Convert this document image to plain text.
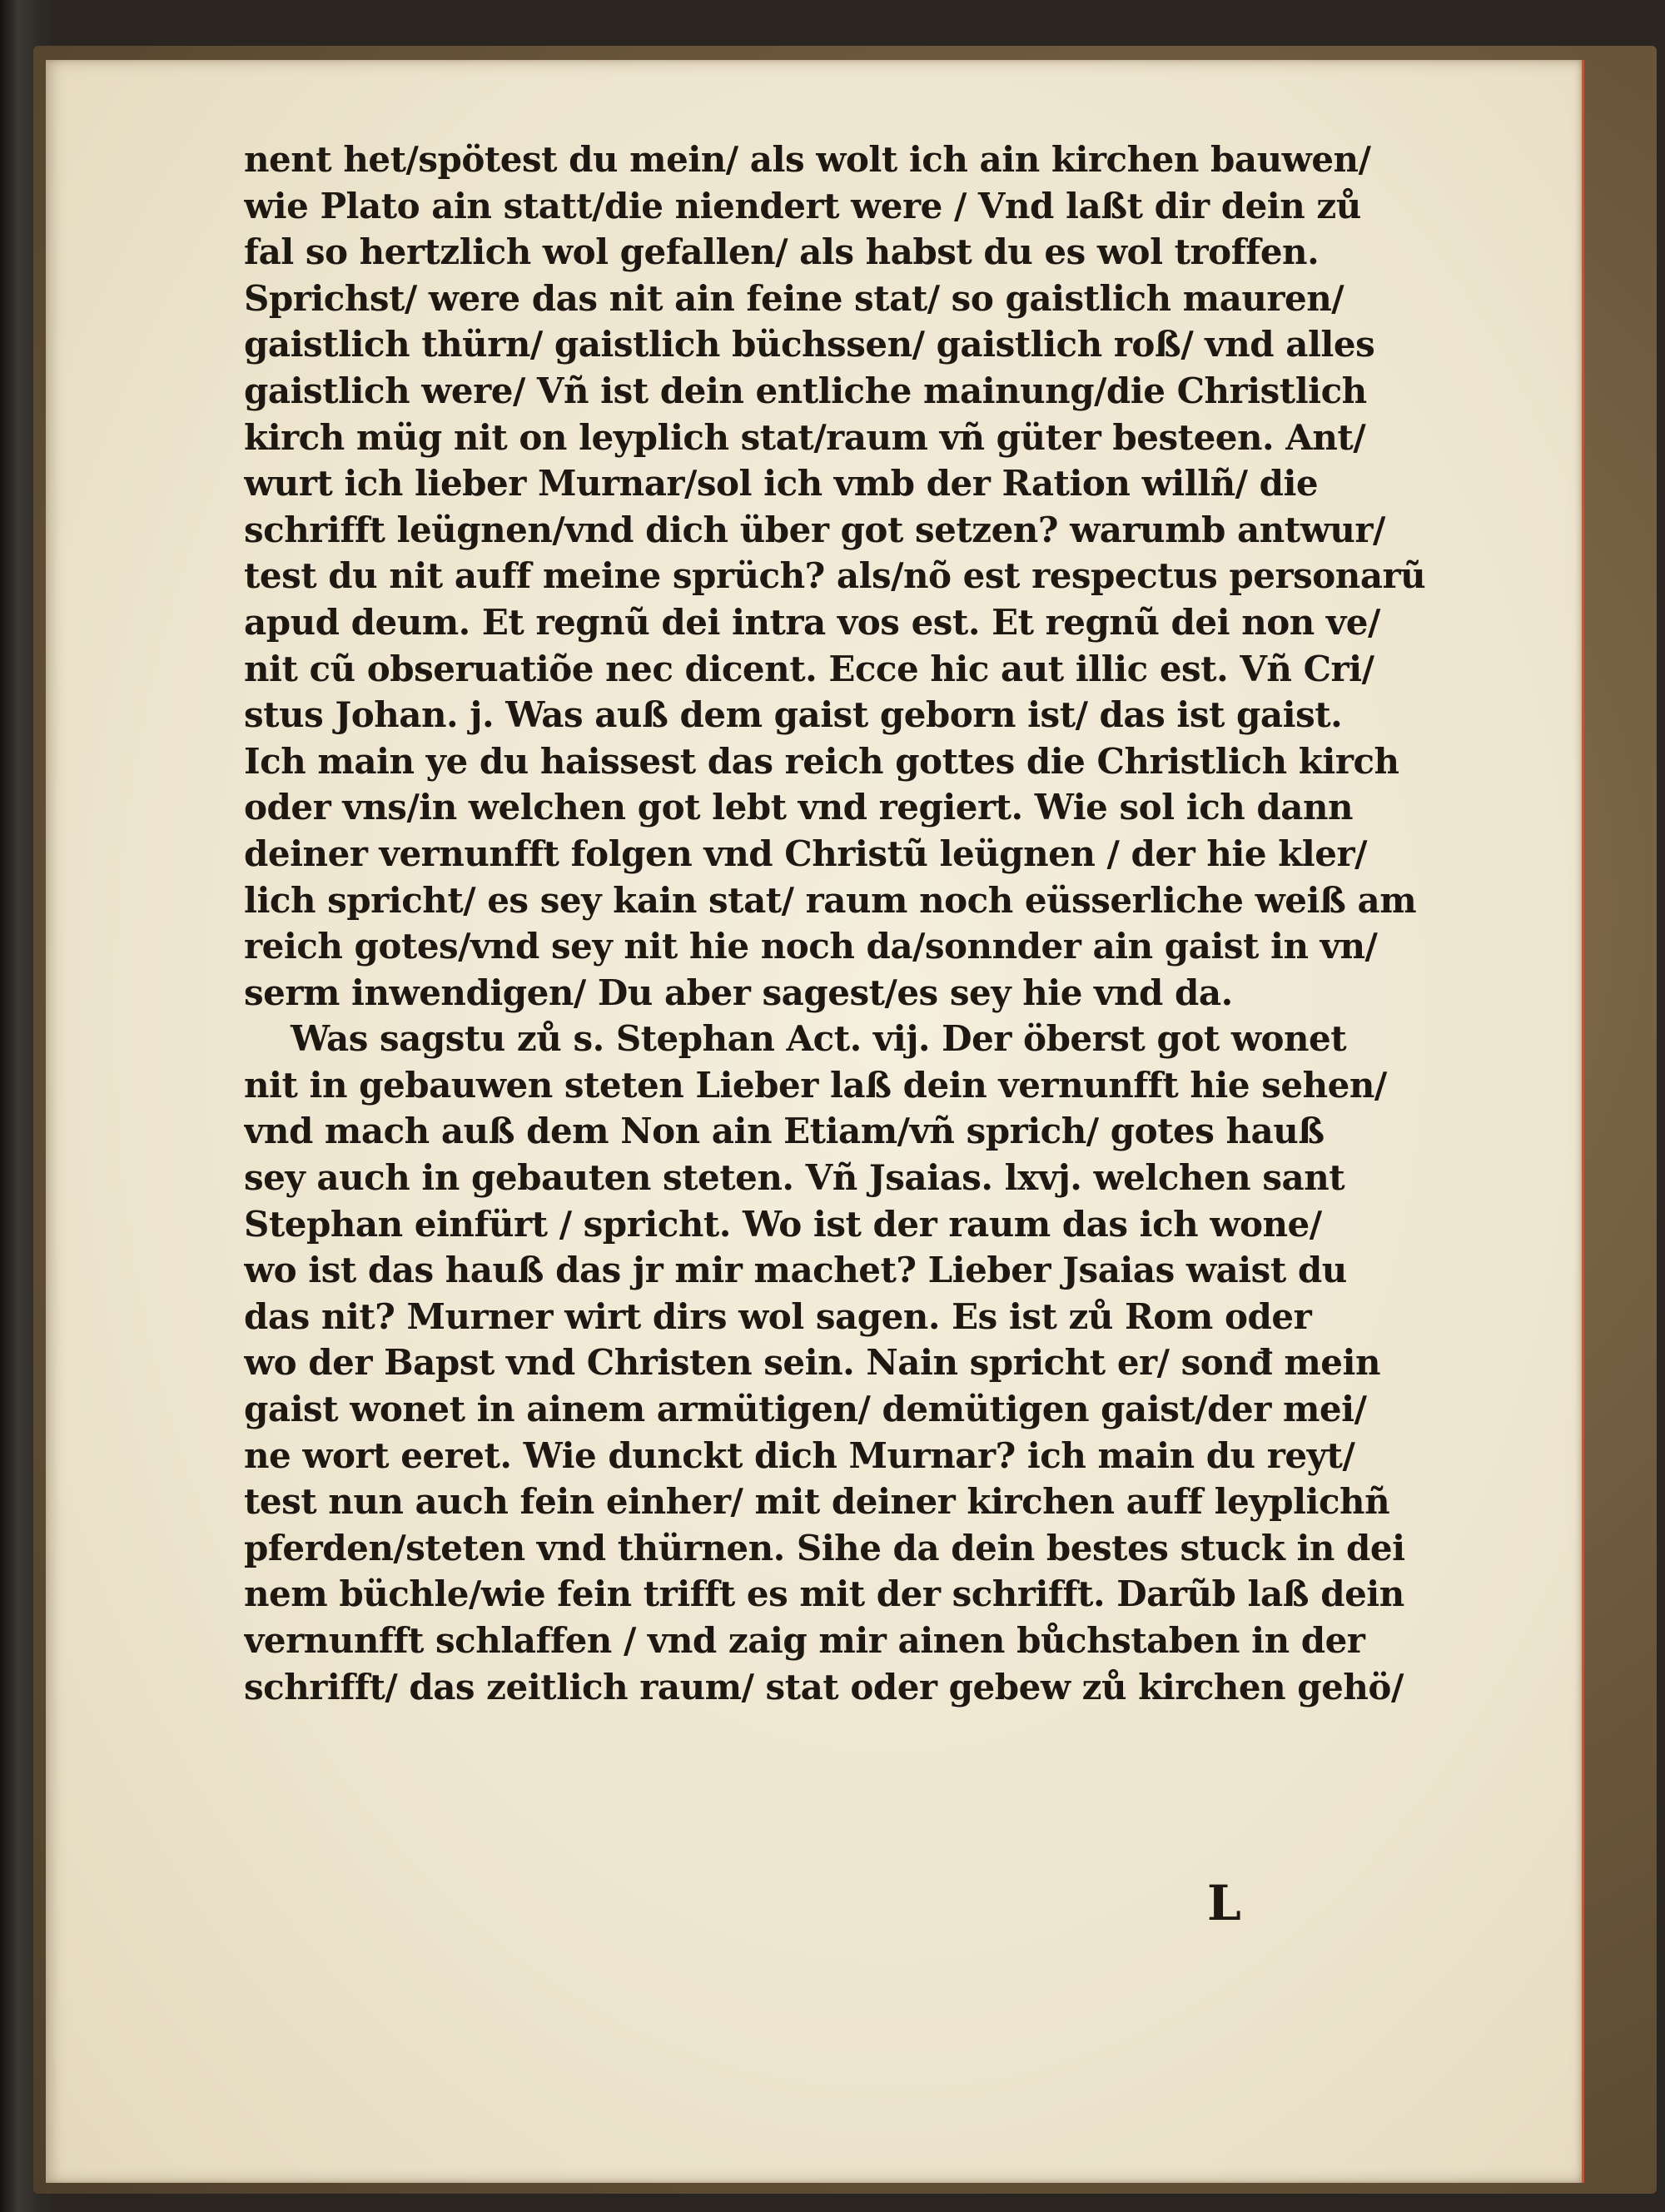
nent het/spötest du mein/ als wolt ich ain kirchen bauwen/
wie Plato ain statt/die niendert were / Vnd laßt dir dein zů
fal so hertzlich wol gefallen/ als habst du es wol troffen.
Sprichst/ were das nit ain feine stat/ so gaistlich mauren/
gaistlich thürn/ gaistlich büchssen/ gaistlich roß/ vnd alles
gaistlich were/ Vñ ist dein entliche mainung/die Christlich
kirch müg nit on leyplich stat/raum vñ güter besteen. Ant/
wurt ich lieber Murnar/sol ich vmb der Ration willñ/ die
schrifft leügnen/vnd dich über got setzen? warumb antwur/
test du nit auff meine sprüch? als/nõ est respectus personarũ
apud deum. Et regnũ dei intra vos est. Et regnũ dei non ve/
nit cũ obseruatiõe nec dicent. Ecce hic aut illic est. Vñ Cri/
stus Johan. j. Was auß dem gaist geborn ist/ das ist gaist.
Ich main ye du haissest das reich gottes die Christlich kirch
oder vns/in welchen got lebt vnd regiert. Wie sol ich dann
deiner vernunfft folgen vnd Christũ leügnen / der hie kler/
lich spricht/ es sey kain stat/ raum noch eüsserliche weiß am
reich gotes/vnd sey nit hie noch da/sonnder ain gaist in vn/
serm inwendigen/ Du aber sagest/es sey hie vnd da.
Was sagstu zů s. Stephan Act. vij. Der öberst got wonet
nit in gebauwen steten Lieber laß dein vernunfft hie sehen/
vnd mach auß dem Non ain Etiam/vñ sprich/ gotes hauß
sey auch in gebauten steten. Vñ Jsaias. lxvj. welchen sant
Stephan einfürt / spricht. Wo ist der raum das ich wone/
wo ist das hauß das jr mir machet? Lieber Jsaias waist du
das nit? Murner wirt dirs wol sagen. Es ist zů Rom oder
wo der Bapst vnd Christen sein. Nain spricht er/ sonđ mein
gaist wonet in ainem armütigen/ demütigen gaist/der mei/
ne wort eeret. Wie dunckt dich Murnar? ich main du reyt/
test nun auch fein einher/ mit deiner kirchen auff leyplichñ
pferden/steten vnd thürnen. Sihe da dein bestes stuck in dei
nem büchle/wie fein trifft es mit der schrifft. Darũb laß dein
vernunfft schlaffen / vnd zaig mir ainen bůchstaben in der
schrifft/ das zeitlich raum/ stat oder gebew zů kirchen gehö/
L
